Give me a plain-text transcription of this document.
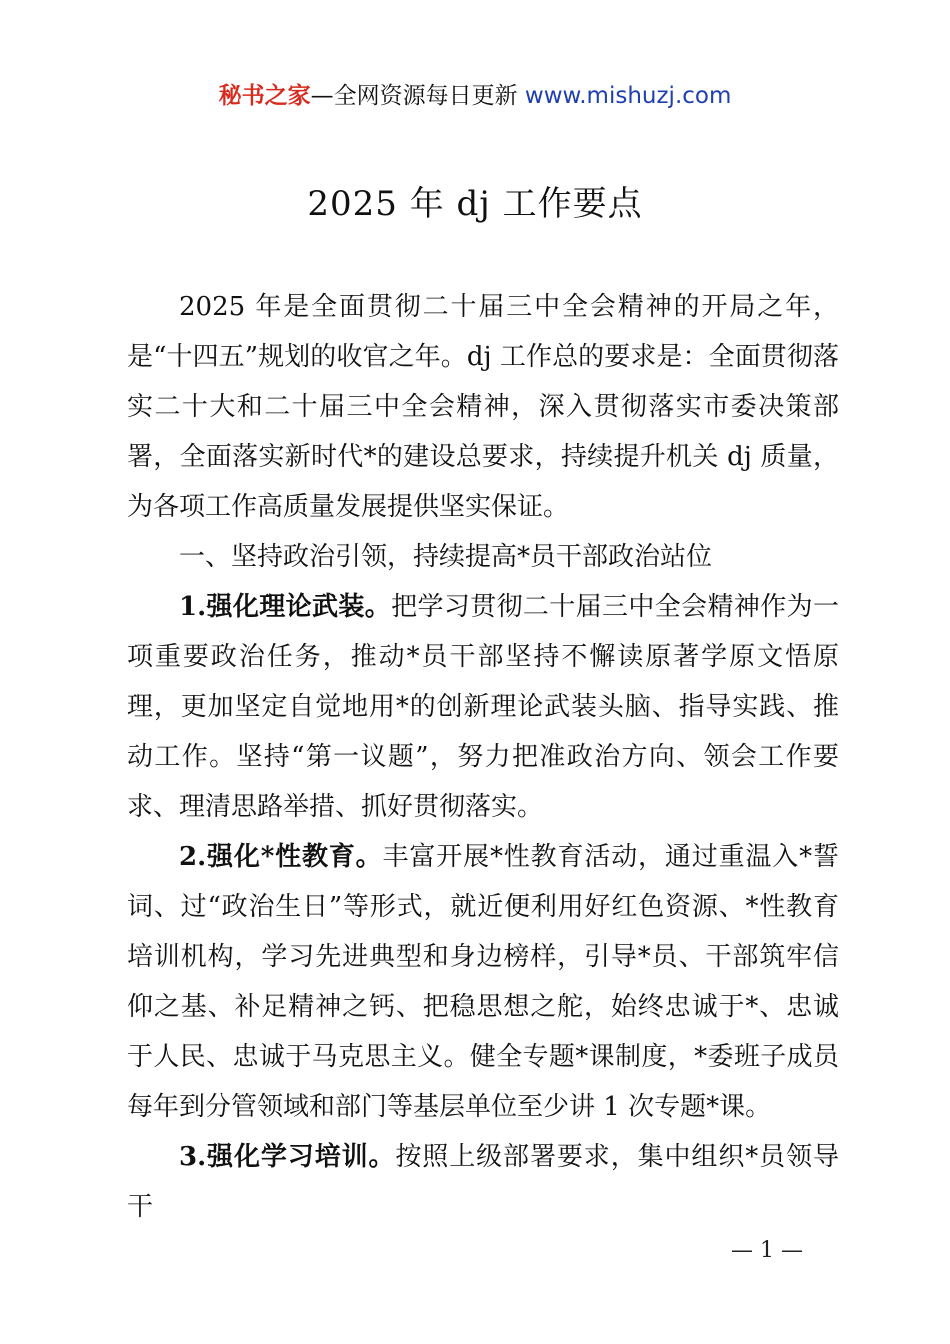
秘书之家—全网资源每日更新 www.mishuzj.com
2025 年 dj 工作要点

2025 年是全面贯彻二十届三中全会精神的开局之年，是“十四五”规划的收官之年。dj 工作总的要求是：全面贯彻落实二十大和二十届三中全会精神，深入贯彻落实市委决策部署，全面落实新时代*的建设总要求，持续提升机关 dj 质量，为各项工作高质量发展提供坚实保证。

一、坚持政治引领，持续提高*员干部政治站位

1.强化理论武装。把学习贯彻二十届三中全会精神作为一项重要政治任务，推动*员干部坚持不懈读原著学原文悟原理，更加坚定自觉地用*的创新理论武装头脑、指导实践、推动工作。坚持“第一议题”，努力把准政治方向、领会工作要求、理清思路举措、抓好贯彻落实。

2.强化*性教育。丰富开展*性教育活动，通过重温入*誓词、过“政治生日”等形式，就近便利用好红色资源、*性教育培训机构，学习先进典型和身边榜样，引导*员、干部筑牢信仰之基、补足精神之钙、把稳思想之舵，始终忠诚于*、忠诚于人民、忠诚于马克思主义。健全专题*课制度，*委班子成员每年到分管领域和部门等基层单位至少讲 1 次专题*课。

3.强化学习培训。按照上级部署要求，集中组织*员领导干

— 1 —
